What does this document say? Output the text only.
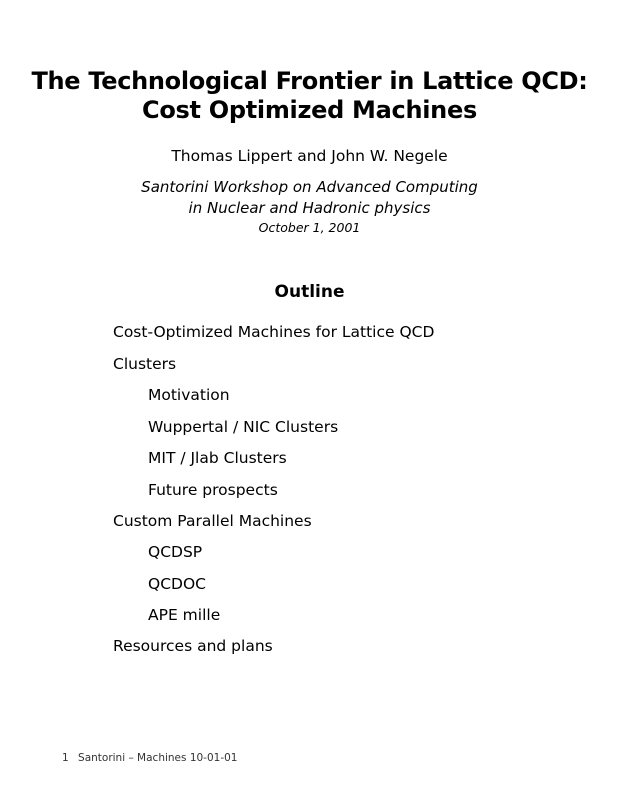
The Technological Frontier in Lattice QCD:
Cost Optimized Machines
Thomas Lippert and John W. Negele
Santorini Workshop on Advanced Computing
in Nuclear and Hadronic physics
October 1, 2001
Outline
Cost-Optimized Machines for Lattice QCD
Clusters
Motivation
Wuppertal / NIC Clusters
MIT / Jlab Clusters
Future prospects
Custom Parallel Machines
QCDSP
QCDOC
APE mille
Resources and plans
1 Santorini – Machines 10-01-01
